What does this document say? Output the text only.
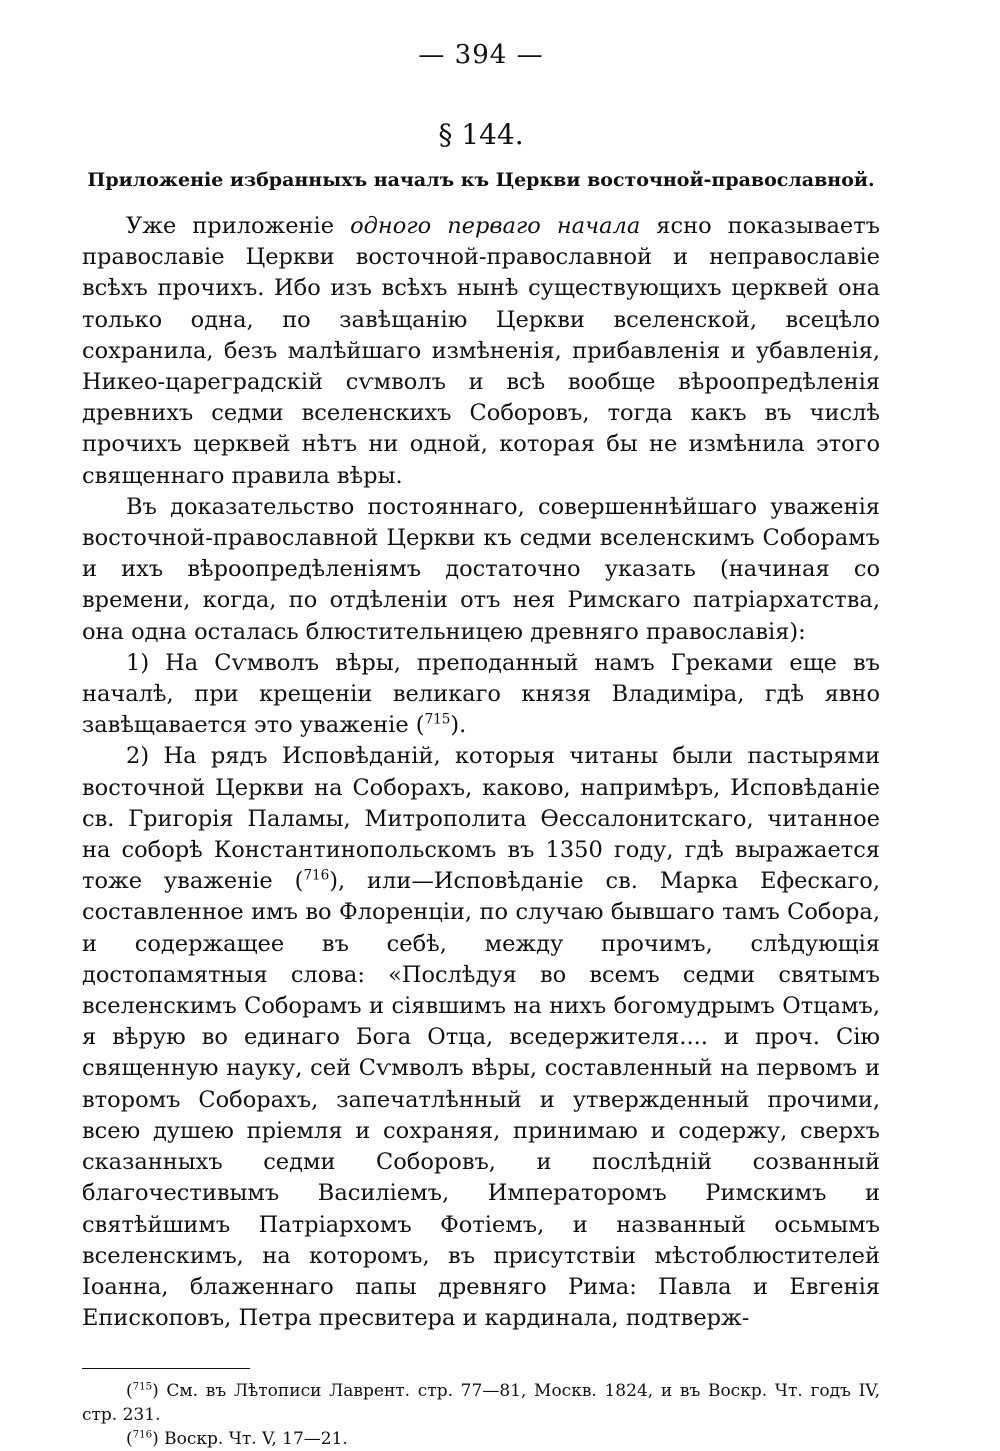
— 394 —
§ 144.
Приложеніе избранныхъ началъ къ Церкви восточной-православной.

Уже приложеніе одного перваго начала ясно показываетъ православіе Церкви восточной-православной и неправославіе всѣхъ прочихъ. Ибо изъ всѣхъ нынѣ существующихъ церквей она только одна, по завѣщанію Церкви вселенской, всецѣло сохранила, безъ малѣйшаго измѣненія, прибавленія и убавленія, Никео-цареградскій сѵмволъ и всѣ вообще вѣроопредѣленія древнихъ седми вселенскихъ Соборовъ, тогда какъ въ числѣ прочихъ церквей нѣтъ ни одной, которая бы не измѣнила этого священнаго правила вѣры.

Въ доказательство постояннаго, совершеннѣйшаго уваженія восточной-православной Церкви къ седми вселенскимъ Соборамъ и ихъ вѣроопредѣленіямъ достаточно указать (начиная со времени, когда, по отдѣленіи отъ нея Римскаго патріархатства, она одна осталась блюстительницею древняго православія):

1) На Сѵмволъ вѣры, преподанный намъ Греками еще въ началѣ, при крещеніи великаго князя Владиміра, гдѣ явно завѣщавается это уваженіе ($^{715}$).

2) На рядъ Исповѣданій, которыя читаны были пастырями восточной Церкви на Соборахъ, каково, напримѣръ, Исповѣданіе св. Григорія Паламы, Митрополита Ѳессалонитскаго, читанное на соборѣ Константинопольскомъ въ 1350 году, гдѣ выражается тоже уваженіе ($^{716}$), или—Исповѣданіе св. Марка Ефескаго, составленное имъ во Флоренціи, по случаю бывшаго тамъ Собора, и содержащее въ себѣ, между прочимъ, слѣдующія достопамятныя слова: «Послѣдуя во всемъ седми святымъ вселенскимъ Соборамъ и сіявшимъ на нихъ богомудрымъ Отцамъ, я вѣрую во единаго Бога Отца, вседержителя.... и проч. Сію священную науку, сей Сѵмволъ вѣры, составленный на первомъ и второмъ Соборахъ, запечатлѣнный и утвержденный прочими, всею душею пріемля и сохраняя, принимаю и содержу, сверхъ сказанныхъ седми Соборовъ, и послѣдній созванный благочестивымъ Василіемъ, Императоромъ Римскимъ и святѣйшимъ Патріархомъ Фотіемъ, и названный осьмымъ вселенскимъ, на которомъ, въ присутствіи мѣстоблюстителей Іоанна, блаженнаго папы древняго Рима: Павла и Евгенія Епископовъ, Петра пресвитера и кардинала, подтверж-

($^{715}$) См. въ Лѣтописи Лаврент. стр. 77—81, Москв. 1824, и въ Воскр. Чт. годъ IV, стр. 231.

($^{716}$) Воскр. Чт. V, 17—21.
